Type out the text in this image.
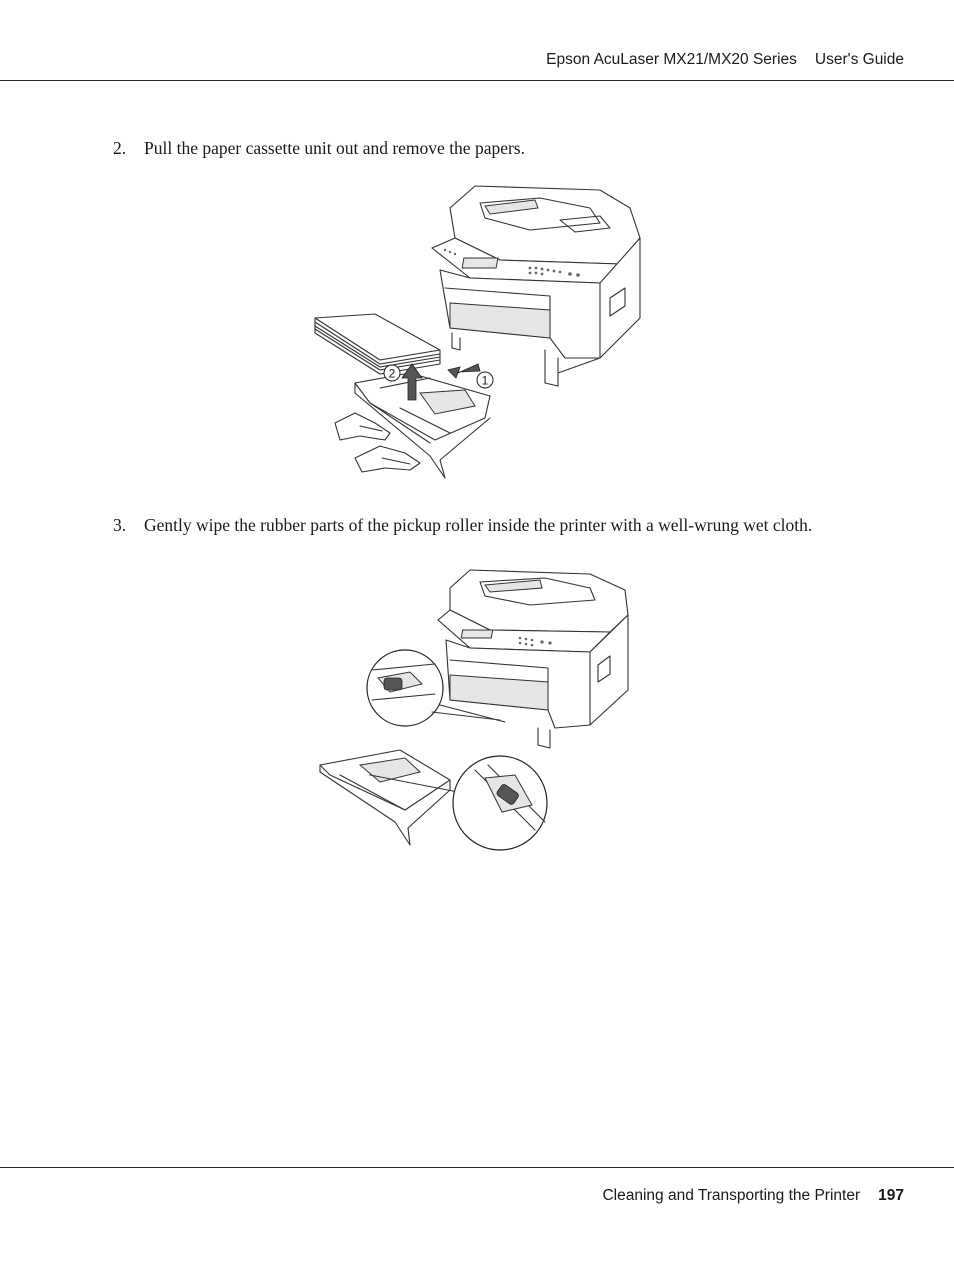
Epson AcuLaser MX21/MX20 Series User's Guide
2. Pull the paper cassette unit out and remove the papers.
2	1
3. Gently wipe the rubber parts of the pickup roller inside the printer with a well-wrung wet cloth.
Cleaning and Transporting the Printer 197
